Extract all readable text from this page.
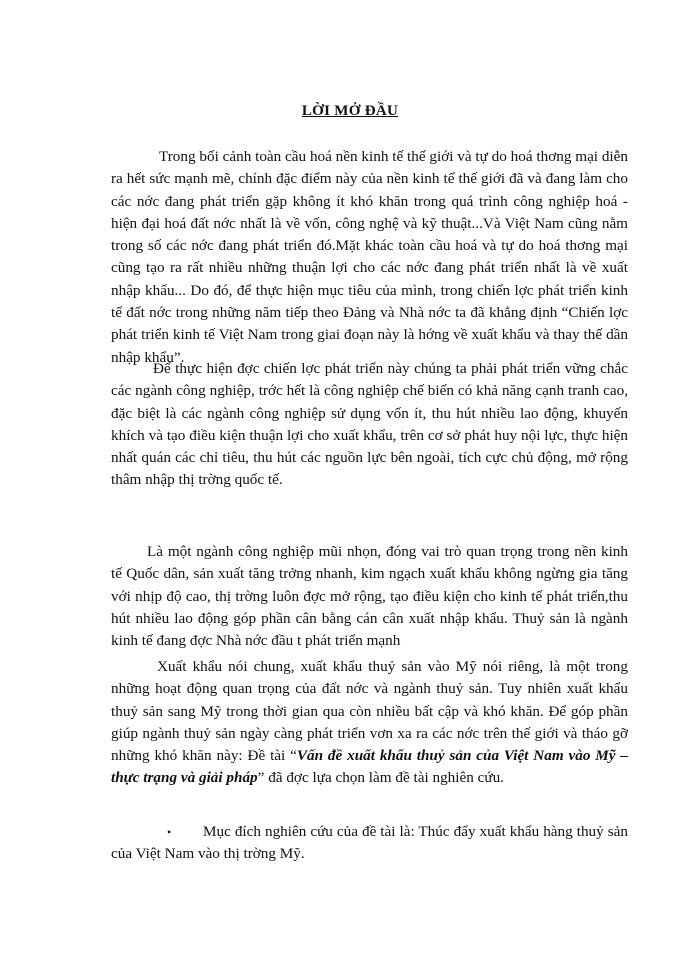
LỜI MỞ ĐẦU

Trong bối cảnh toàn cầu hoá nền kinh tế thế giới và tự do hoá thơng mại diễn ra hết sức mạnh mẽ, chính đặc điểm này của nền kinh tế thế giới đã và đang làm cho các nớc đang phát triển gặp không ít khó khăn trong quá trình công nghiệp hoá - hiện đại hoá đất nớc nhất là về vốn, công nghệ và kỹ thuật...Và Việt Nam cũng nằm trong số các nớc đang phát triển đó.Mặt khác toàn cầu hoá và tự do hoá thơng mại cũng tạo ra rất nhiều những thuận lợi cho các nớc đang phát triển nhất là về xuất nhập khẩu... Do đó, để thực hiện mục tiêu của mình, trong chiến lợc phát triển kinh tế đất nớc trong những năm tiếp theo Đảng và Nhà nớc ta đã khẳng định “Chiến lợc phát triển kinh tế Việt Nam trong giai đoạn này là hớng về xuất khẩu và thay thế dần nhập khẩu”.

Để thực hiện đợc chiến lợc phát triển này chúng ta phải phát triển vững chắc các ngành công nghiệp, trớc hết là công nghiệp chế biến có khả năng cạnh tranh cao, đặc biệt là các ngành công nghiệp sử dụng vốn ít, thu hút nhiều lao động, khuyến khích và tạo điều kiện thuận lợi cho xuất khẩu, trên cơ sở phát huy nội lực, thực hiện nhất quán các chỉ tiêu, thu hút các nguồn lực bên ngoài, tích cực chủ động, mở rộng thâm nhập thị trờng quốc tế.

Là một ngành công nghiệp mũi nhọn, đóng vai trò quan trọng trong nền kinh tế Quốc dân, sản xuất tăng trởng nhanh, kim ngạch xuất khẩu không ngừng gia tăng với nhịp độ cao, thị trờng luôn đợc mở rộng, tạo điều kiện cho kinh tế phát triển,thu hút nhiều lao động góp phần cân bằng cán cân xuất nhập khẩu. Thuỷ sản là ngành kinh tế đang đợc Nhà nớc đầu t phát triển mạnh

Xuất khẩu nói chung, xuất khẩu thuỷ sản vào Mỹ nói riêng, là một trong những hoạt động quan trọng của đất nớc và ngành thuỷ sản. Tuy nhiên xuất khẩu thuỷ sản sang Mỹ trong thời gian qua còn nhiều bất cập và khó khăn. Để góp phần giúp ngành thuỷ sản ngày càng phát triển vơn xa ra các nớc trên thế giới và tháo gỡ những khó khăn này: Đề tài “Vấn đề xuất khẩu thuỷ sản của Việt Nam vào Mỹ –thực trạng và giải pháp” đã đợc lựa chọn làm đề tài nghiên cứu.

•	Mục đích nghiên cứu của đề tài là: Thúc đẩy xuất khẩu hàng thuỷ sản của Việt Nam vào thị trờng Mỹ.
